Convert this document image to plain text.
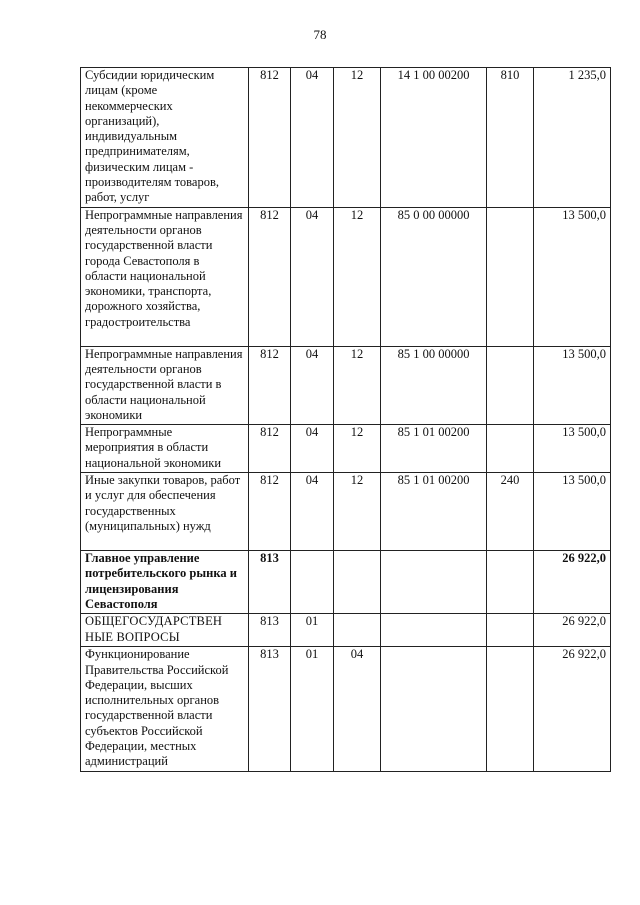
78
Субсидии юридическим лицам (кроме некоммерческих организаций), индивидуальным предпринимателям, физическим лицам - производителям товаров, работ, услуг	812	04	12	14 1 00 00200	810	1 235,0
Непрограммные направления деятельности органов государственной власти города Севастополя в области национальной экономики, транспорта, дорожного хозяйства, градостроительства	812	04	12	85 0 00 00000		13 500,0
Непрограммные направления деятельности органов государственной власти в области национальной экономики	812	04	12	85 1 00 00000		13 500,0
Непрограммные мероприятия в области национальной экономики	812	04	12	85 1 01 00200		13 500,0
Иные закупки товаров, работ и услуг для обеспечения государственных (муниципальных) нужд	812	04	12	85 1 01 00200	240	13 500,0
Главное управление потребительского рынка и лицензирования Севастополя	813					26 922,0
ОБЩЕГОСУДАРСТВЕН НЫЕ ВОПРОСЫ	813	01				26 922,0
Функционирование Правительства Российской Федерации, высших исполнительных органов государственной власти субъектов Российской Федерации, местных администраций	813	01	04			26 922,0
